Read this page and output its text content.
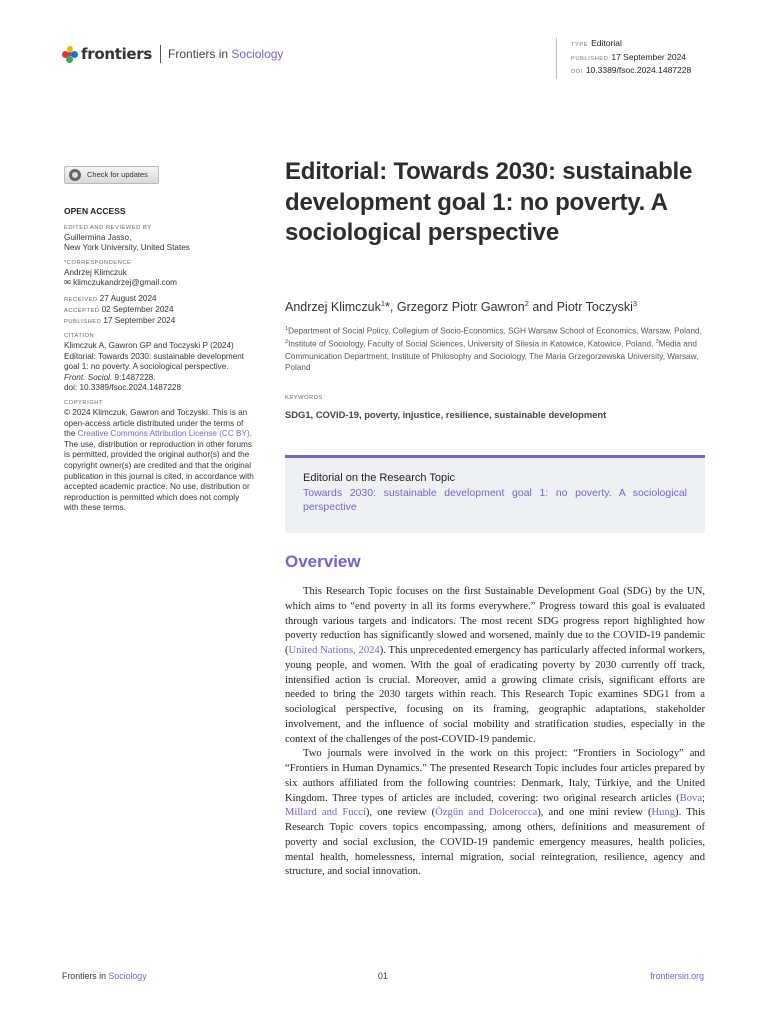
frontiers Frontiers in Sociology
TYPE Editorial
PUBLISHED 17 September 2024
DOI 10.3389/fsoc.2024.1487228
Check for updates
OPEN ACCESS
EDITED AND REVIEWED BY
Guillermina Jasso,
New York University, United States
*CORRESPONDENCE
Andrzej Klimczuk
✉ klimczukandrzej@gmail.com
RECEIVED 27 August 2024
ACCEPTED 02 September 2024
PUBLISHED 17 September 2024
CITATION
Klimczuk A, Gawron GP and Toczyski P (2024) Editorial: Towards 2030: sustainable development goal 1: no poverty. A sociological perspective.
Front. Sociol. 9:1487228.
doi: 10.3389/fsoc.2024.1487228
COPYRIGHT
© 2024 Klimczuk, Gawron and Toczyski. This is an open-access article distributed under the terms of the Creative Commons Attribution License (CC BY). The use, distribution or reproduction in other forums is permitted, provided the original author(s) and the copyright owner(s) are credited and that the original publication in this journal is cited, in accordance with accepted academic practice. No use, distribution or reproduction is permitted which does not comply with these terms.
Editorial: Towards 2030: sustainable development goal 1: no poverty. A sociological perspective
Andrzej Klimczuk$^1$*, Grzegorz Piotr Gawron$^2$ and Piotr Toczyski$^3$
$^1$Department of Social Policy, Collegium of Socio-Economics, SGH Warsaw School of Economics, Warsaw, Poland, $^2$Institute of Sociology, Faculty of Social Sciences, University of Silesia in Katowice, Katowice, Poland, $^3$Media and Communication Department, Institute of Philosophy and Sociology, The Maria Grzegorzewska University, Warsaw, Poland
KEYWORDS
SDG1, COVID-19, poverty, injustice, resilience, sustainable development
Editorial on the Research Topic
Towards 2030: sustainable development goal 1: no poverty. A sociological perspective
Overview

This Research Topic focuses on the first Sustainable Development Goal (SDG) by the UN, which aims to “end poverty in all its forms everywhere.” Progress toward this goal is evaluated through various targets and indicators. The most recent SDG progress report highlighted how poverty reduction has significantly slowed and worsened, mainly due to the COVID-19 pandemic (United Nations, 2024). This unprecedented emergency has particularly affected informal workers, young people, and women. With the goal of eradicating poverty by 2030 currently off track, intensified action is crucial. Moreover, amid a growing climate crisis, significant efforts are needed to bring the 2030 targets within reach. This Research Topic examines SDG1 from a sociological perspective, focusing on its framing, geographic adaptations, stakeholder involvement, and the influence of social mobility and stratification studies, especially in the context of the challenges of the post-COVID-19 pandemic.

Two journals were involved in the work on this project: “Frontiers in Sociology” and “Frontiers in Human Dynamics.” The presented Research Topic includes four articles prepared by six authors affiliated from the following countries: Denmark, Italy, Türkiye, and the United Kingdom. Three types of articles are included, covering: two original research articles (Bova; Millard and Fucci), one review (Özgün and Dolcerocca), and one mini review (Hung). This Research Topic covers topics encompassing, among others, definitions and measurement of poverty and social exclusion, the COVID-19 pandemic emergency measures, health policies, mental health, homelessness, internal migration, social reintegration, resilience, agency and structure, and social innovation.

Frontiers in Sociology	01	frontiersin.org
